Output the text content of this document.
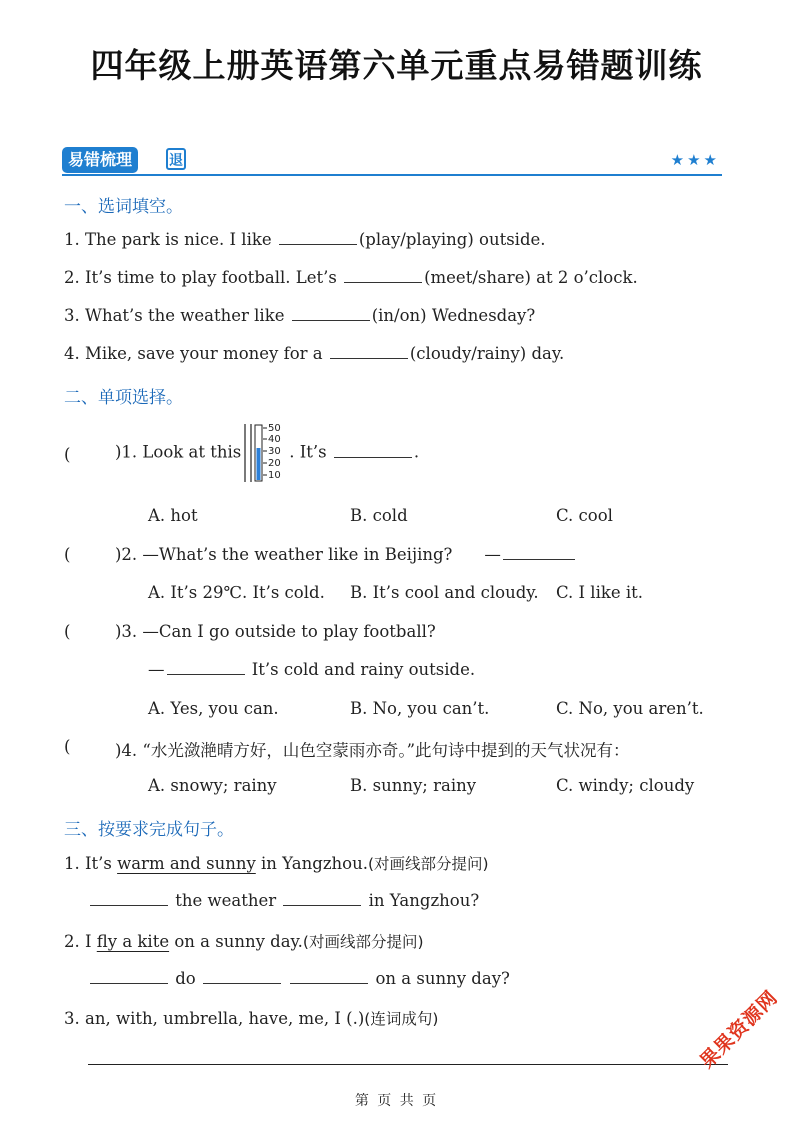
四年级上册英语第六单元重点易错题训练
易错梳理	退	★★★
一、选词填空。
1. The park is nice. I like	(play/playing) outside.
2. It’s time to play football. Let’s	(meet/share) at 2 o’clock.
3. What’s the weather like	(in/on) Wednesday?
4. Mike, save your money for a	(cloudy/rainy) day.
二、单项选择。
(	)1. Look at this
50
40
30
20
10
. It’s	.
A. hot	B. cold	C. cool
(	)2. —What’s the weather like in Beijing? —
A. It’s 29℃. It’s cold. B. It’s cool and cloudy. C. I like it.
(	)3. —Can I go outside to play football?
—	It’s cold and rainy outside.
A. Yes, you can.	B. No, you can’t.	C. No, you aren’t.
(	)4. “水光潋滟晴方好，山色空蒙雨亦奇。”此句诗中提到的天气状况有：
A. snowy; rainy	B. sunny; rainy	C. windy; cloudy
三、按要求完成句子。
1. It’s warm and sunny in Yangzhou.(对画线部分提问)
the weather	in Yangzhou?
2. I fly a kite on a sunny day.(对画线部分提问)
do	on a sunny day?
3. an, with, umbrella, have, me, I (.)(连词成句)	果果资源网
第 页 共 页
